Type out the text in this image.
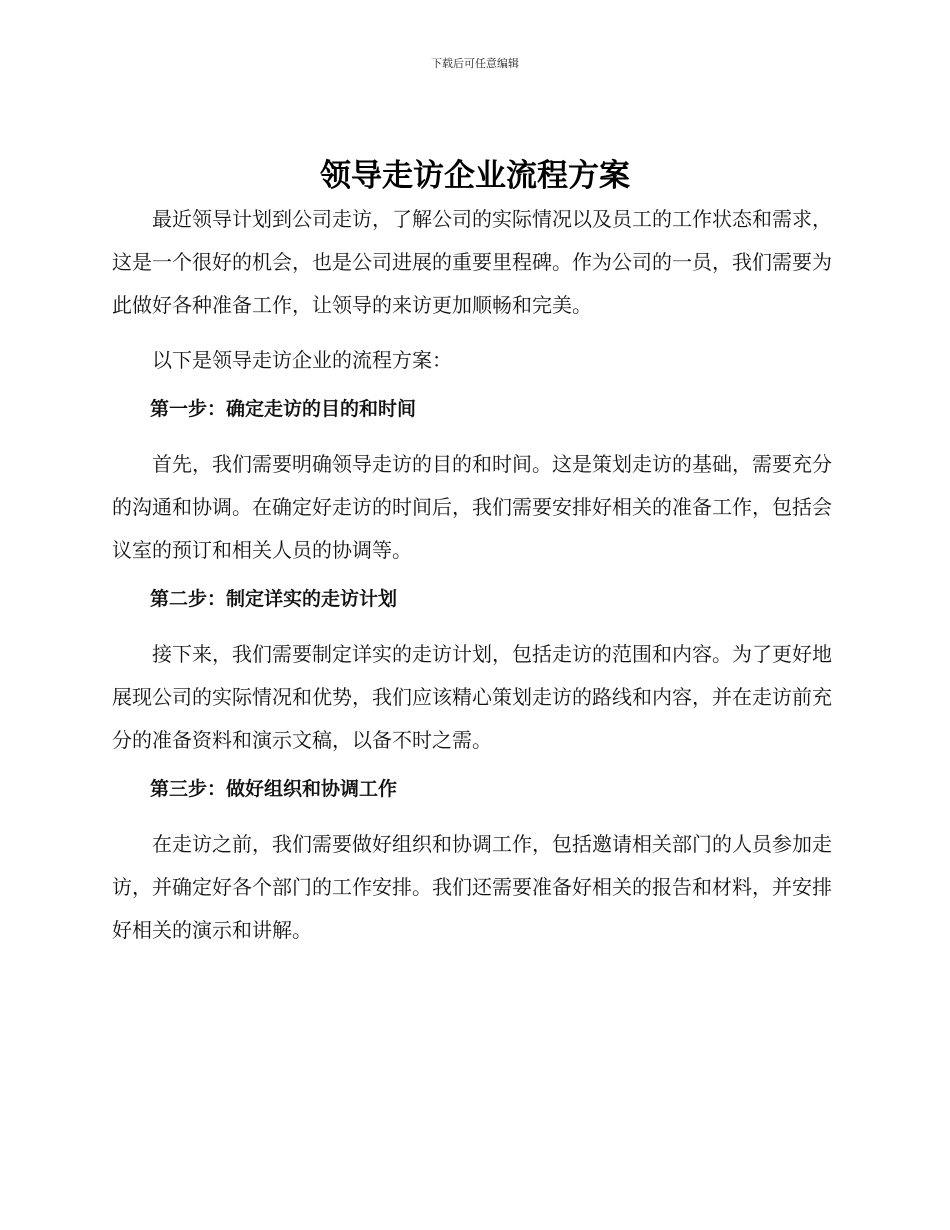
下载后可任意编辑
领导走访企业流程方案

最近领导计划到公司走访，了解公司的实际情况以及员工的工作状态和需求，这是一个很好的机会，也是公司进展的重要里程碑。作为公司的一员，我们需要为此做好各种准备工作，让领导的来访更加顺畅和完美。

以下是领导走访企业的流程方案：

第一步：确定走访的目的和时间

首先，我们需要明确领导走访的目的和时间。这是策划走访的基础，需要充分的沟通和协调。在确定好走访的时间后，我们需要安排好相关的准备工作，包括会议室的预订和相关人员的协调等。

第二步：制定详实的走访计划

接下来，我们需要制定详实的走访计划，包括走访的范围和内容。为了更好地展现公司的实际情况和优势，我们应该精心策划走访的路线和内容，并在走访前充分的准备资料和演示文稿，以备不时之需。

第三步：做好组织和协调工作

在走访之前，我们需要做好组织和协调工作，包括邀请相关部门的人员参加走访，并确定好各个部门的工作安排。我们还需要准备好相关的报告和材料，并安排好相关的演示和讲解。
